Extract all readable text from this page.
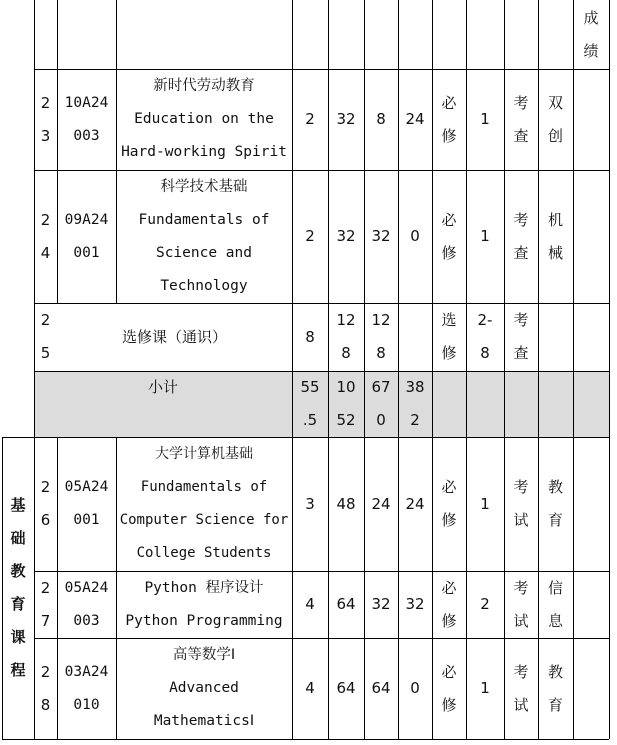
成
绩
基
础
教
育
课
程
2
3
10A24
003
新时代劳动教育
Education on the
Hard-working Spirit
2 32 8 24
必
修
1
考
查
双
创
2
4
09A24
001
科学技术基础
Fundamentals of
Science and
Technology
2 32 32 0
必
修
1
考
查
机
械
2
5
选修课（通识）	8
12
8
12
8
选
修
2-
8
考
查
小计	55
.5
10
52
67
0
38
2
2
6
05A24
001
大学计算机基础
Fundamentals of
Computer Science for
College Students
3 48 24 24
必
修
1
考
试
教
育
2
7
05A24
003
Python 程序设计
Python Programming
4 64 32 32
必
修
2
考
试
信
息
2
8
03A24
010
高等数学Ⅰ
Advanced
MathematicsⅠ
4 64 64 0
必
修
1
考
试
教
育
